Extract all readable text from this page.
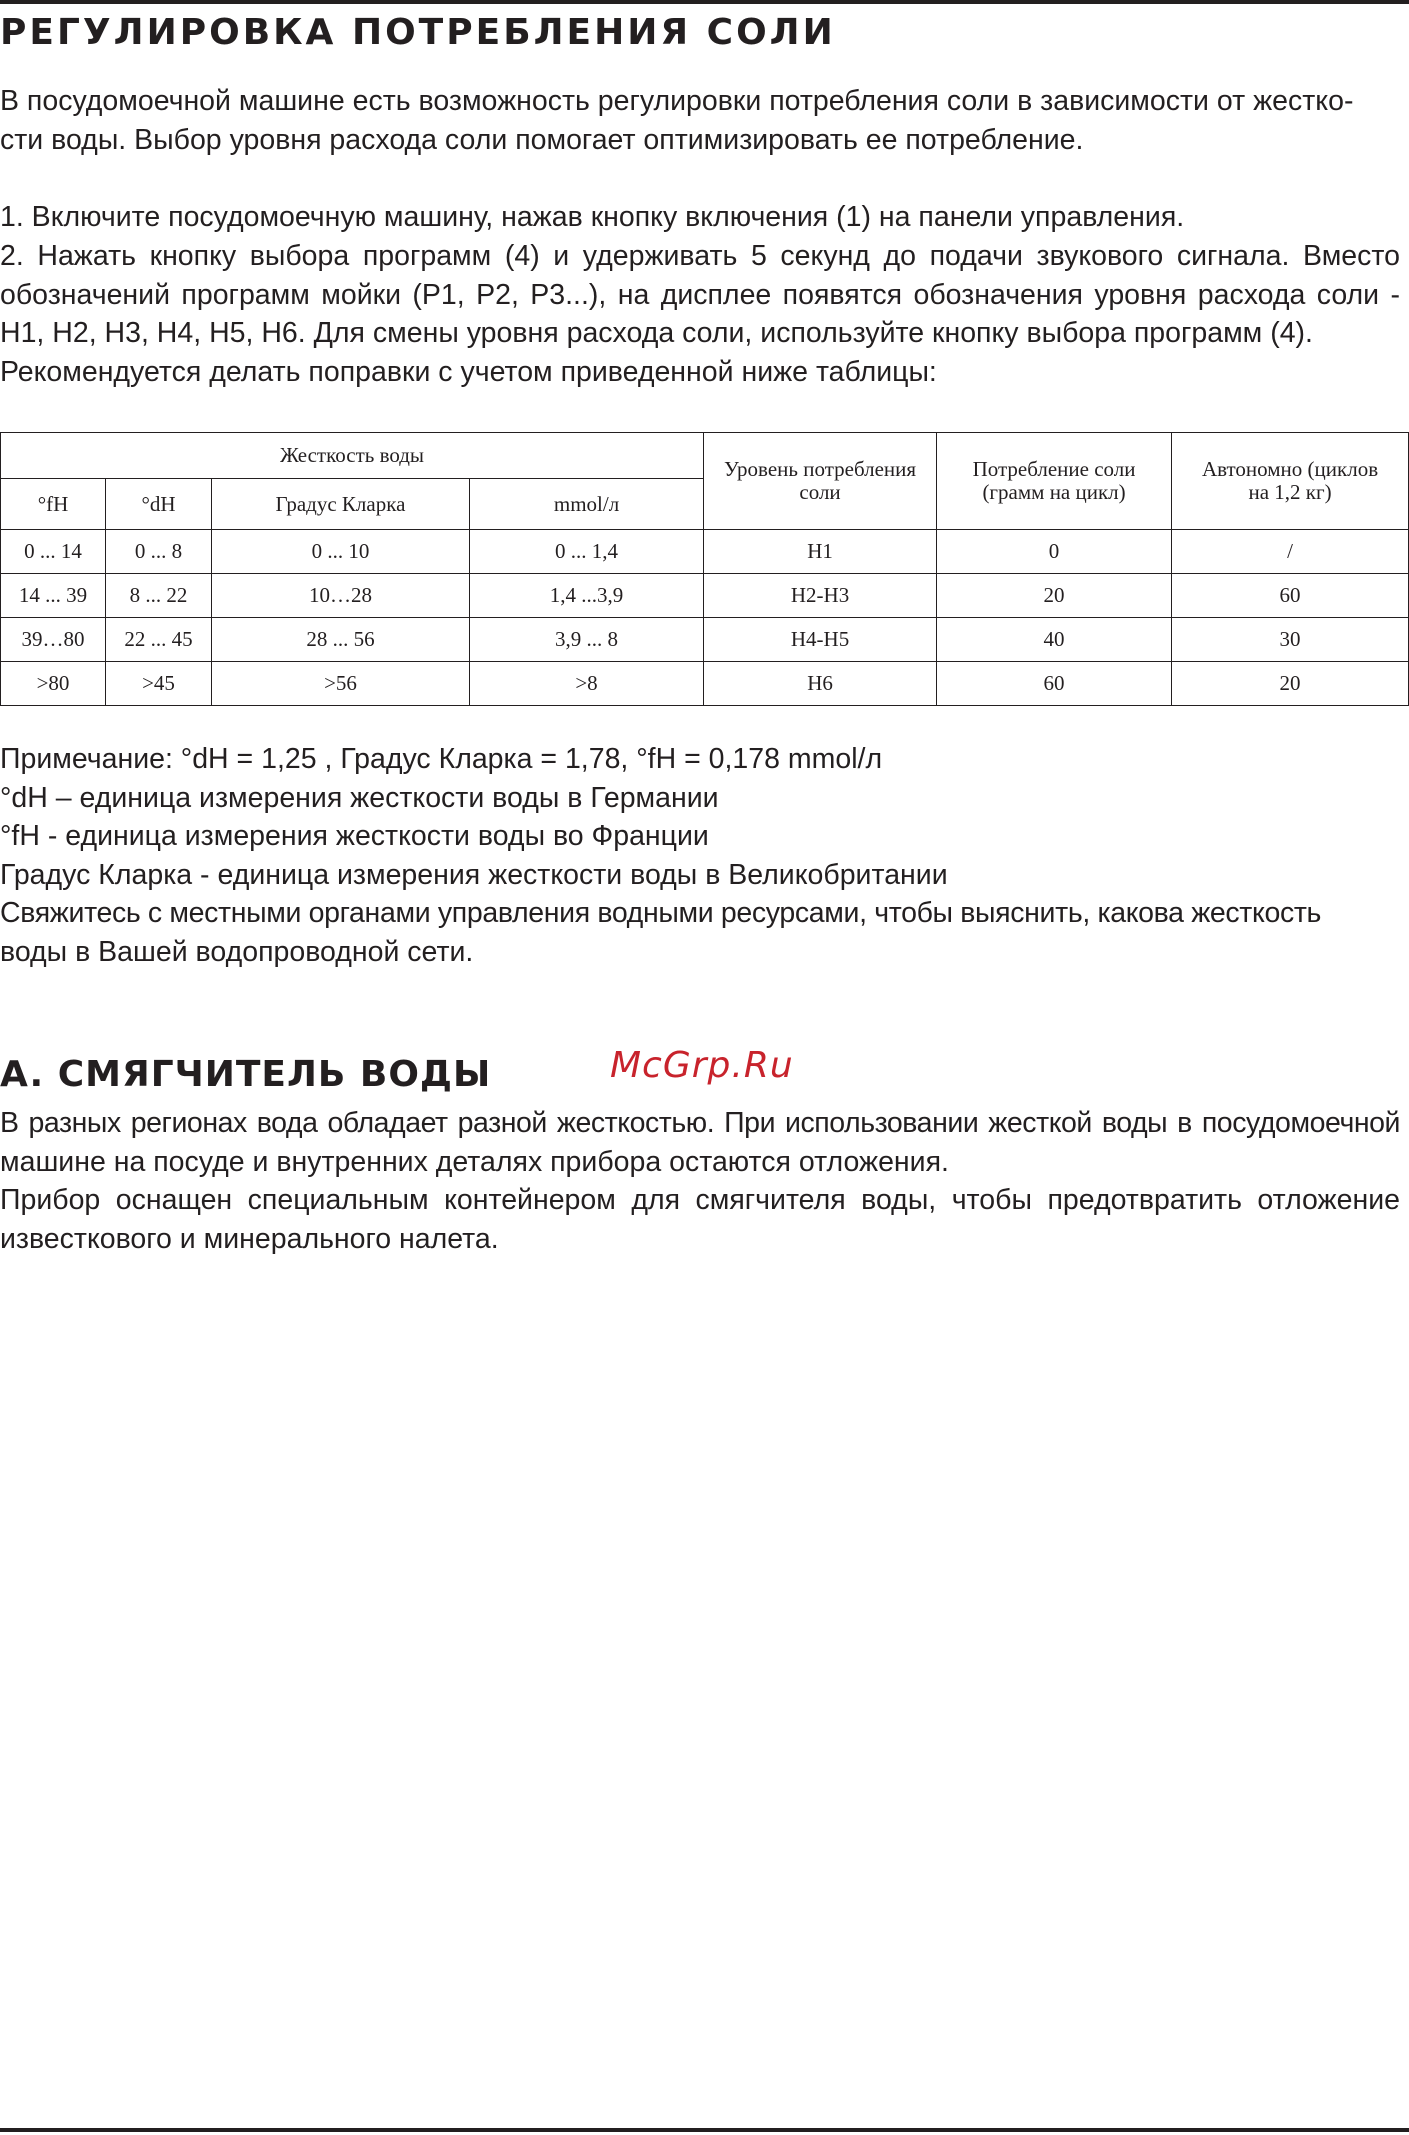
РЕГУЛИРОВКА ПОТРЕБЛЕНИЯ СОЛИ

В посудомоечной машине есть возможность регулировки потребления соли в зависимости от жестко-

сти воды. Выбор уровня расхода соли помогает оптимизировать ее потребление.

1. Включите посудомоечную машину, нажав кнопку включения (1) на панели управления.

2. Нажать кнопку выбора программ (4) и удерживать 5 секунд до подачи звукового сигнала. Вместо

обозначений программ мойки (P1, P2, P3...), на дисплее появятся обозначения уровня расхода соли -

H1, H2, H3, H4, H5, H6. Для смены уровня расхода соли, используйте кнопку выбора программ (4).

Рекомендуется делать поправки с учетом приведенной ниже таблицы:

Жесткость воды				Уровень потребления соли	Потребление соли (грамм на цикл)	Автономно (циклов на 1,2 кг)
°fH	°dH	Градус Кларка	mmol/л			
0 ... 14	0 ... 8	0 ... 10	0 ... 1,4	H1	0	/
14 ... 39	8 ... 22	10…28	1,4 ...3,9	H2-H3	20	60
39…80	22 ... 45	28 ... 56	3,9 ... 8	H4-H5	40	30
>80	>45	>56	>8	H6	60	20

Примечание: °dH = 1,25 , Градус Кларка = 1,78, °fH = 0,178 mmol/л

°dH – единица измерения жесткости воды в Германии

°fH - единица измерения жесткости воды во Франции

Градус Кларка - единица измерения жесткости воды в Великобритании

Свяжитесь с местными органами управления водными ресурсами, чтобы выяснить, какова жесткость

воды в Вашей водопроводной сети.

A. СМЯГЧИТЕЛЬ ВОДЫ	McGrp.Ru

В разных регионах вода обладает разной жесткостью. При использовании жесткой воды в посудомоечной

машине на посуде и внутренних деталях прибора остаются отложения.

Прибор оснащен специальным контейнером для смягчителя воды, чтобы предотвратить отложение

известкового и минерального налета.
